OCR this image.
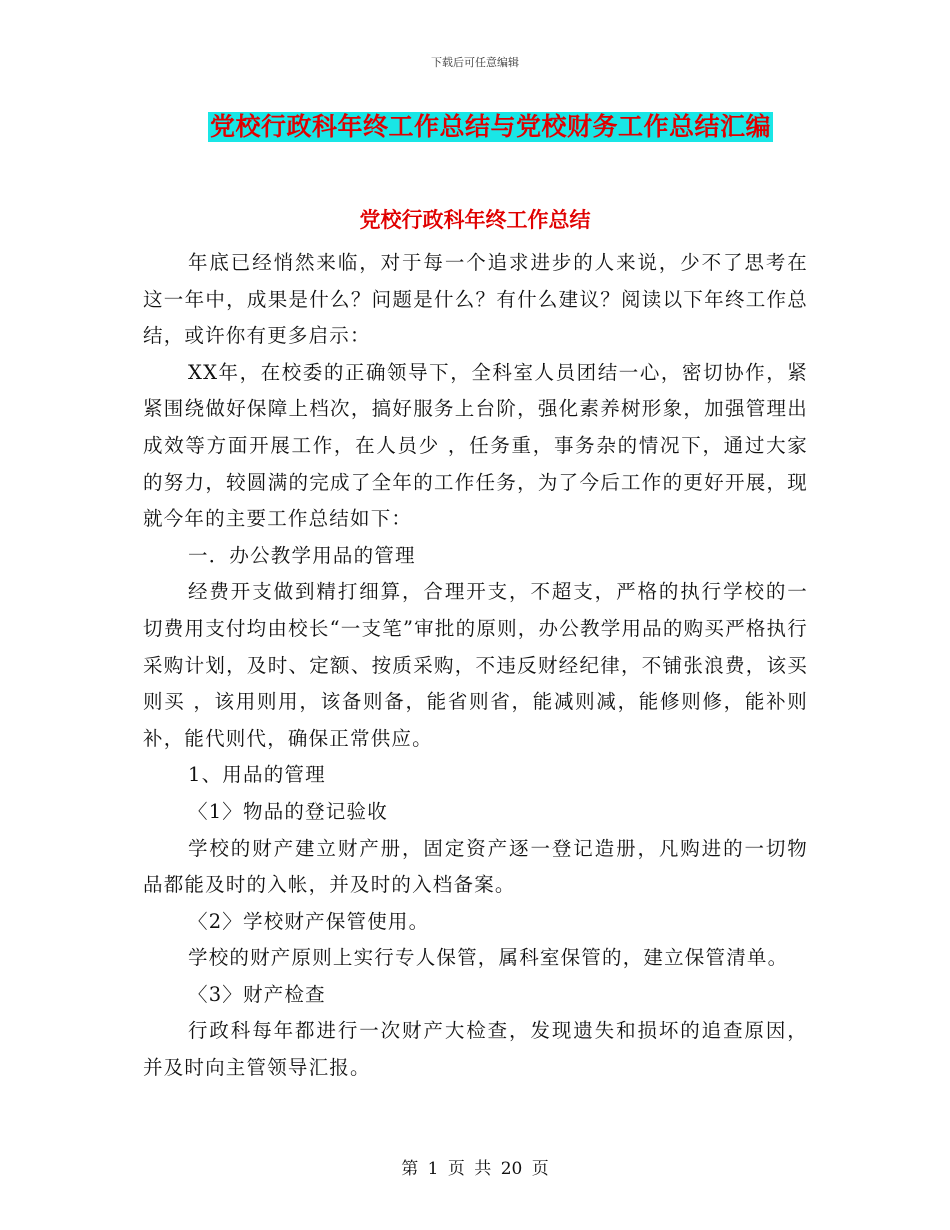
下载后可任意编辑
党校行政科年终工作总结与党校财务工作总结汇编
党校行政科年终工作总结

年底已经悄然来临，对于每一个追求进步的人来说，少不了思考在这一年中，成果是什么？问题是什么？有什么建议？阅读以下年终工作总结，或许你有更多启示：

XX年，在校委的正确领导下，全科室人员团结一心，密切协作，紧紧围绕做好保障上档次，搞好服务上台阶，强化素养树形象，加强管理出成效等方面开展工作，在人员少 ，任务重，事务杂的情况下，通过大家的努力，较圆满的完成了全年的工作任务，为了今后工作的更好开展，现就今年的主要工作总结如下：

一．办公教学用品的管理

经费开支做到精打细算，合理开支，不超支，严格的执行学校的一切费用支付均由校长“一支笔”审批的原则，办公教学用品的购买严格执行采购计划，及时、定额、按质采购，不违反财经纪律，不铺张浪费，该买则买 ，该用则用，该备则备，能省则省，能减则减，能修则修，能补则补，能代则代，确保正常供应。

1、用品的管理

〈1〉物品的登记验收

学校的财产建立财产册，固定资产逐一登记造册，凡购进的一切物品都能及时的入帐，并及时的入档备案。

〈2〉学校财产保管使用。

学校的财产原则上实行专人保管，属科室保管的，建立保管清单。

〈3〉财产检查

行政科每年都进行一次财产大检查，发现遗失和损坏的追查原因，并及时向主管领导汇报。

第 1 页 共 20 页
